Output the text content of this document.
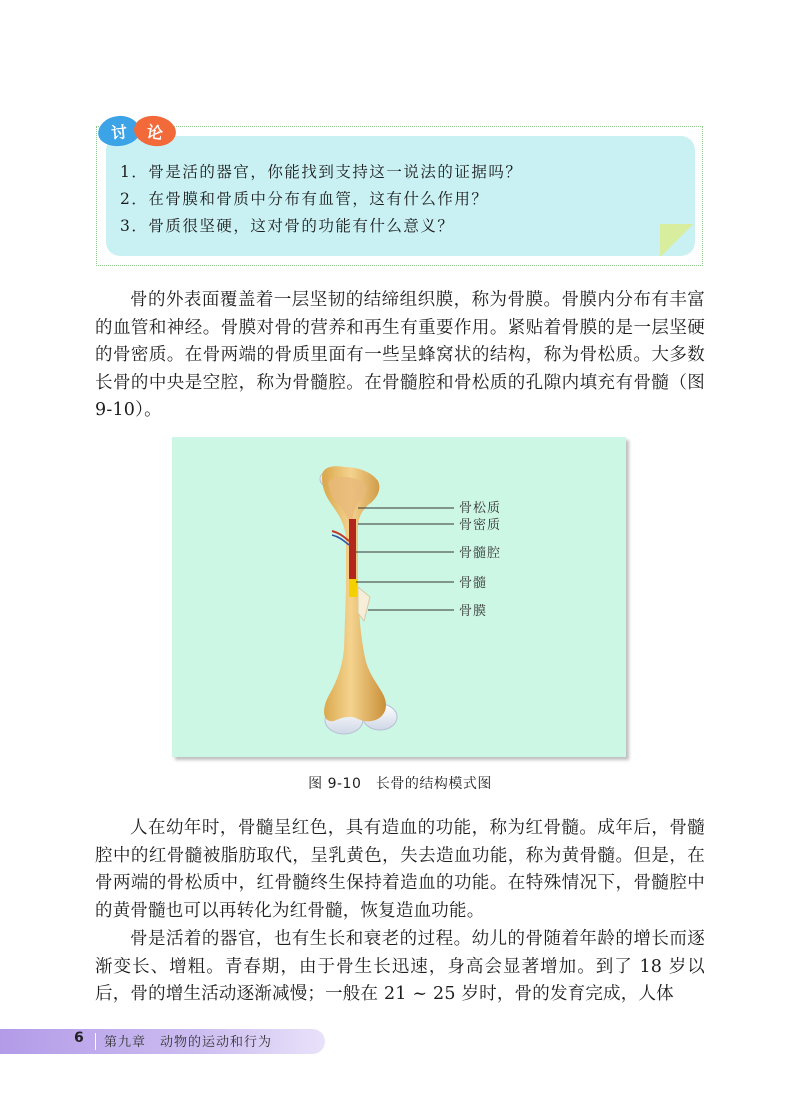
讨	论
1．骨是活的器官，你能找到支持这一说法的证据吗？
2．在骨膜和骨质中分布有血管，这有什么作用？
3．骨质很坚硬，这对骨的功能有什么意义？
骨的外表面覆盖着一层坚韧的结缔组织膜，称为骨膜。骨膜内分布有丰富的血管和神经。骨膜对骨的营养和再生有重要作用。紧贴着骨膜的是一层坚硬的骨密质。在骨两端的骨质里面有一些呈蜂窝状的结构，称为骨松质。大多数长骨的中央是空腔，称为骨髓腔。在骨髓腔和骨松质的孔隙内填充有骨髓（图 9-10）。
骨松质
骨密质
骨髓腔
骨髓
骨膜
图 9-10　长骨的结构模式图
人在幼年时，骨髓呈红色，具有造血的功能，称为红骨髓。成年后，骨髓腔中的红骨髓被脂肪取代，呈乳黄色，失去造血功能，称为黄骨髓。但是，在骨两端的骨松质中，红骨髓终生保持着造血的功能。在特殊情况下，骨髓腔中的黄骨髓也可以再转化为红骨髓，恢复造血功能。
骨是活着的器官，也有生长和衰老的过程。幼儿的骨随着年龄的增长而逐渐变长、增粗。青春期，由于骨生长迅速，身高会显著增加。到了 18 岁以后，骨的增生活动逐渐减慢；一般在 21 ~ 25 岁时，骨的发育完成，人体
6 第九章　动物的运动和行为
